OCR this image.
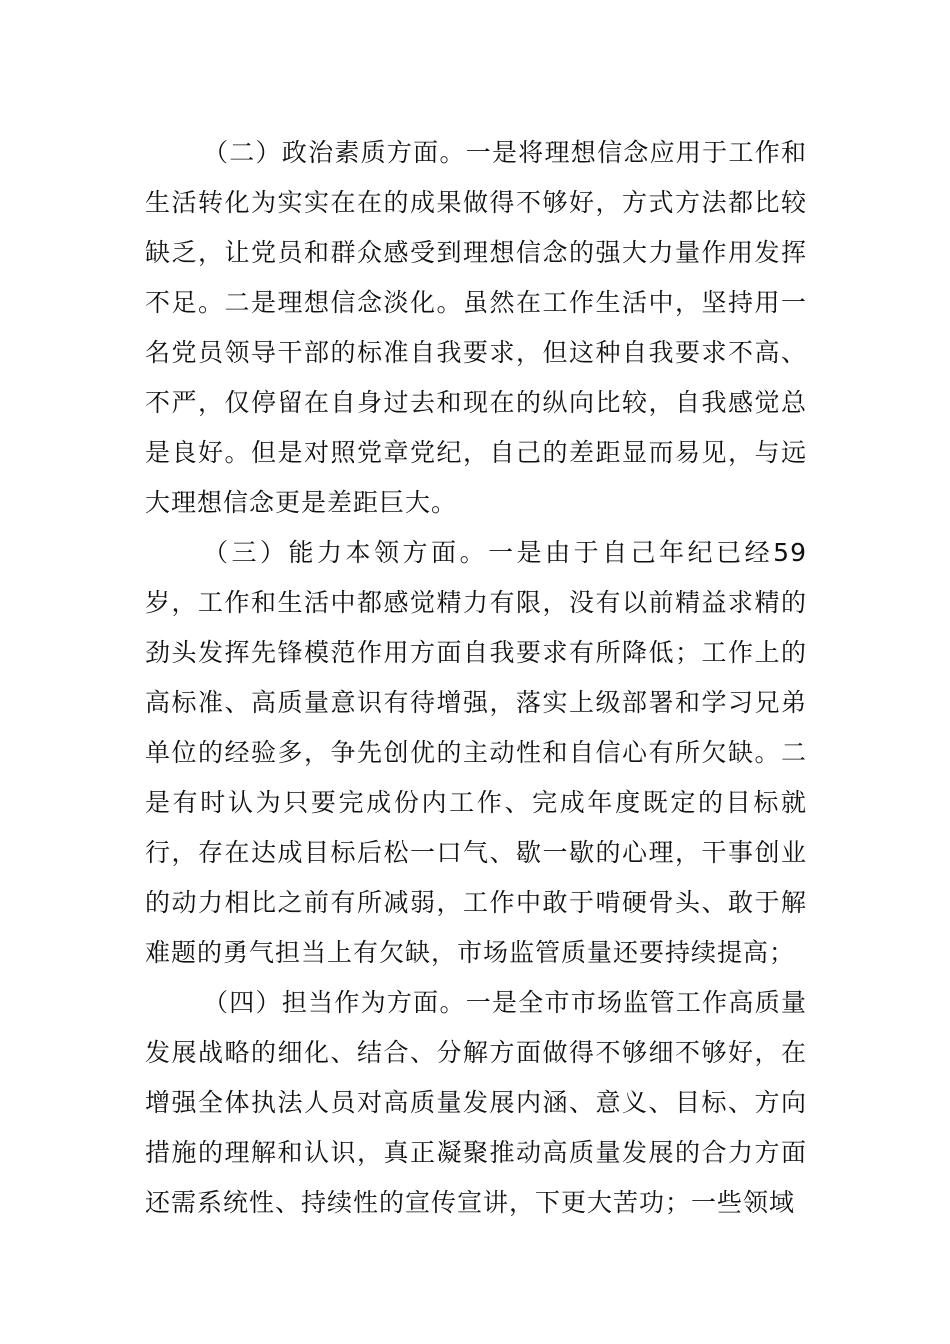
（二）政治素质方面。一是将理想信念应用于工作和生活转化为实实在在的成果做得不够好，方式方法都比较缺乏，让党员和群众感受到理想信念的强大力量作用发挥不足。二是理想信念淡化。虽然在工作生活中，坚持用一名党员领导干部的标准自我要求，但这种自我要求不高、不严，仅停留在自身过去和现在的纵向比较，自我感觉总是良好。但是对照党章党纪，自己的差距显而易见，与远大理想信念更是差距巨大。

（三）能力本领方面。一是由于自己年纪已经59岁，工作和生活中都感觉精力有限，没有以前精益求精的劲头发挥先锋模范作用方面自我要求有所降低；工作上的高标准、高质量意识有待增强，落实上级部署和学习兄弟单位的经验多，争先创优的主动性和自信心有所欠缺。二是有时认为只要完成份内工作、完成年度既定的目标就行，存在达成目标后松一口气、歇一歇的心理，干事创业的动力相比之前有所减弱，工作中敢于啃硬骨头、敢于解难题的勇气担当上有欠缺，市场监管质量还要持续提高；

（四）担当作为方面。一是全市市场监管工作高质量发展战略的细化、结合、分解方面做得不够细不够好，在增强全体执法人员对高质量发展内涵、意义、目标、方向措施的理解和认识，真正凝聚推动高质量发展的合力方面还需系统性、持续性的宣传宣讲，下更大苦功；一些领域
